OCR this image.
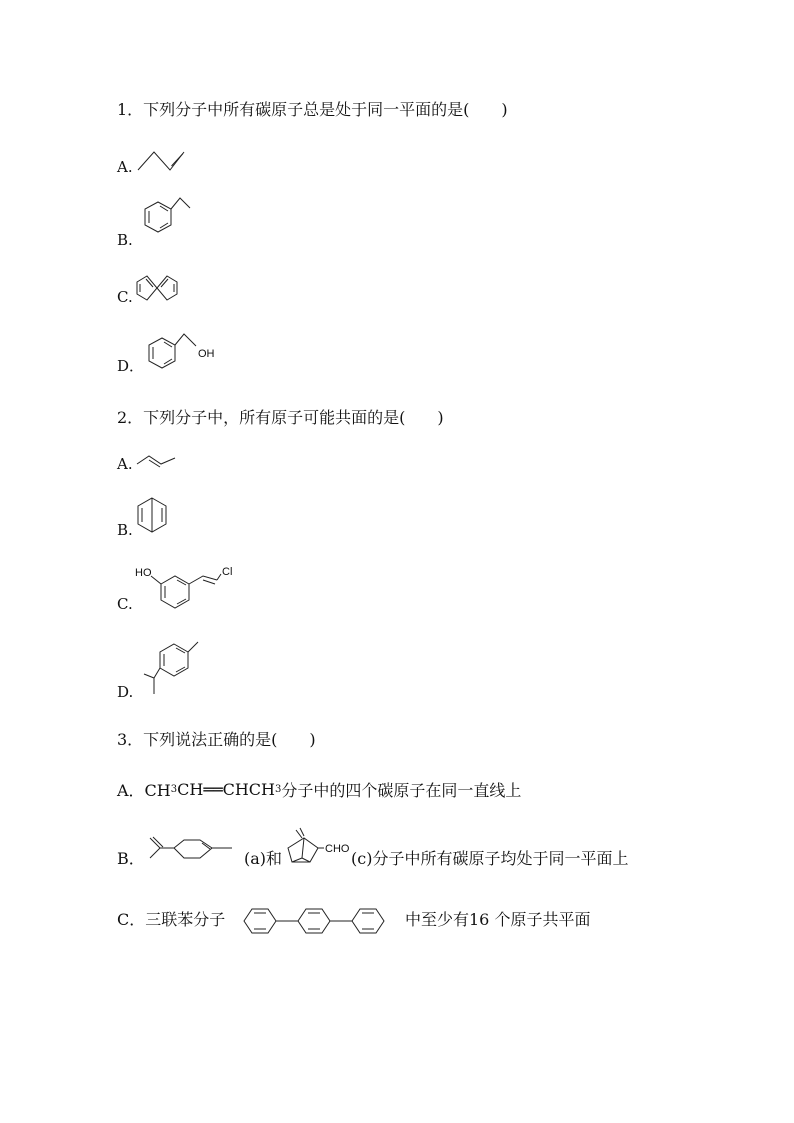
1．下列分子中所有碳原子总是处于同一平面的是(　　)
A.
B.
C.
D．
OH
2．下列分子中，所有原子可能共面的是(　　)
A.
B.
C.
HO	Cl
D.
3．下列说法正确的是(　　)
A．CH 3 CH══CHCH 3 分子中的四个碳原子在同一直线上
B．	(a)和	CHO (c)分子中所有碳原子均处于同一平面上
C．三联苯分子	中至少有16 个原子共平面
